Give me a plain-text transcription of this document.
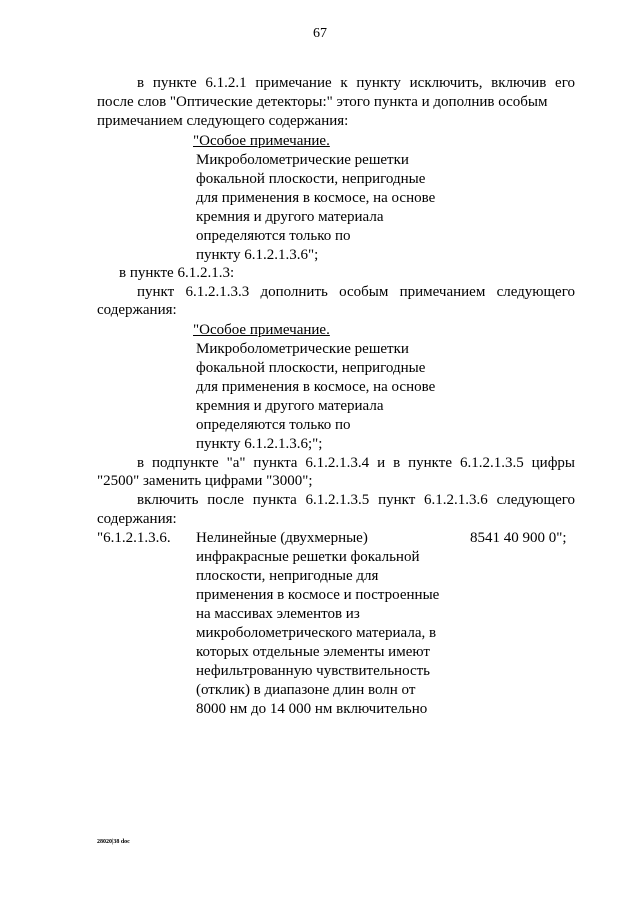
67
в пункте 6.1.2.1 примечание к пункту исключить, включив его
после слов "Оптические детекторы:" этого пункта и дополнив особым
примечанием следующего содержания:
"Особое примечание.
Микроболометрические решетки
фокальной плоскости, непригодные
для применения в космосе, на основе
кремния и другого материала
определяются только по
пункту 6.1.2.1.3.6";
в пункте 6.1.2.1.3:
пункт 6.1.2.1.3.3 дополнить особым примечанием следующего
содержания:
"Особое примечание.
Микроболометрические решетки
фокальной плоскости, непригодные
для применения в космосе, на основе
кремния и другого материала
определяются только по
пункту 6.1.2.1.3.6;";
в подпункте "а" пункта 6.1.2.1.3.4 и в пункте 6.1.2.1.3.5 цифры
"2500" заменить цифрами "3000";
включить после пункта 6.1.2.1.3.5 пункт 6.1.2.1.3.6 следующего
содержания:
"6.1.2.1.3.6. Нелинейные (двухмерные)
инфракрасные решетки фокальной
плоскости, непригодные для
применения в космосе и построенные
на массивах элементов из
микроболометрического материала, в
которых отдельные элементы имеют
нефильтрованную чувствительность
(отклик) в диапазоне длин волн от
8000 нм до 14 000 нм включительно
8541 40 900 0";
28020|38 doc
